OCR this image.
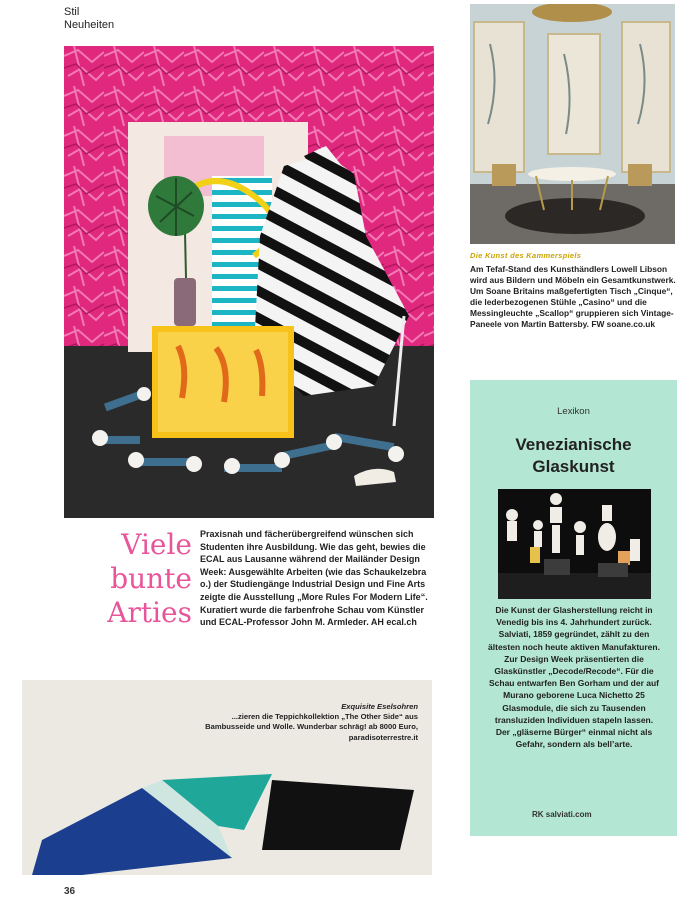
Stil
Neuheiten
Die Kunst des Kammerspiels
Am Tefaf-Stand des Kunsthändlers Lowell Libson wird aus Bildern und Möbeln ein Gesamtkunstwerk. Um Soane Britains maßgefertigten Tisch „Cinque“, die lederbezogenen Stühle „Casino“ und die Messingleuchte „Scallop“ gruppieren sich Vintage-Paneele von Martin Battersby. FW soane.co.uk
Lexikon
Venezianische
Glaskunst
Die Kunst der Glasherstellung reicht in Venedig bis ins 4. Jahrhundert zurück. Salviati, 1859 gegründet, zählt zu den ältesten noch heute aktiven Manufakturen. Zur Design Week präsentierten die Glaskünstler „Decode/Recode“. Für die Schau entwarfen Ben Gorham und der auf Murano geborene Luca Nichetto 25 Glasmodule, die sich zu Tausenden transluziden Individuen stapeln lassen. Der „gläserne Bürger“ einmal nicht als Gefahr, sondern als bell’arte.
RK salviati.com
Viele
bunte
Arties
Praxisnah und fächerübergreifend wünschen sich Studenten ihre Ausbildung. Wie das geht, bewies die ECAL aus Lausanne während der Mailänder Design Week: Ausgewählte Arbeiten (wie das Schaukelzebra o.) der Studiengänge Industrial Design und Fine Arts zeigte die Ausstellung „More Rules For Modern Life“. Kuratiert wurde die farbenfrohe Schau vom Künstler und ECAL-Professor John M. Armleder. AH ecal.ch
Exquisite Eselsohren
...zieren die Teppichkollektion „The Other Side“ aus Bambusseide und Wolle. Wunderbar schräg! ab 8000 Euro, paradisoterrestre.it
36
